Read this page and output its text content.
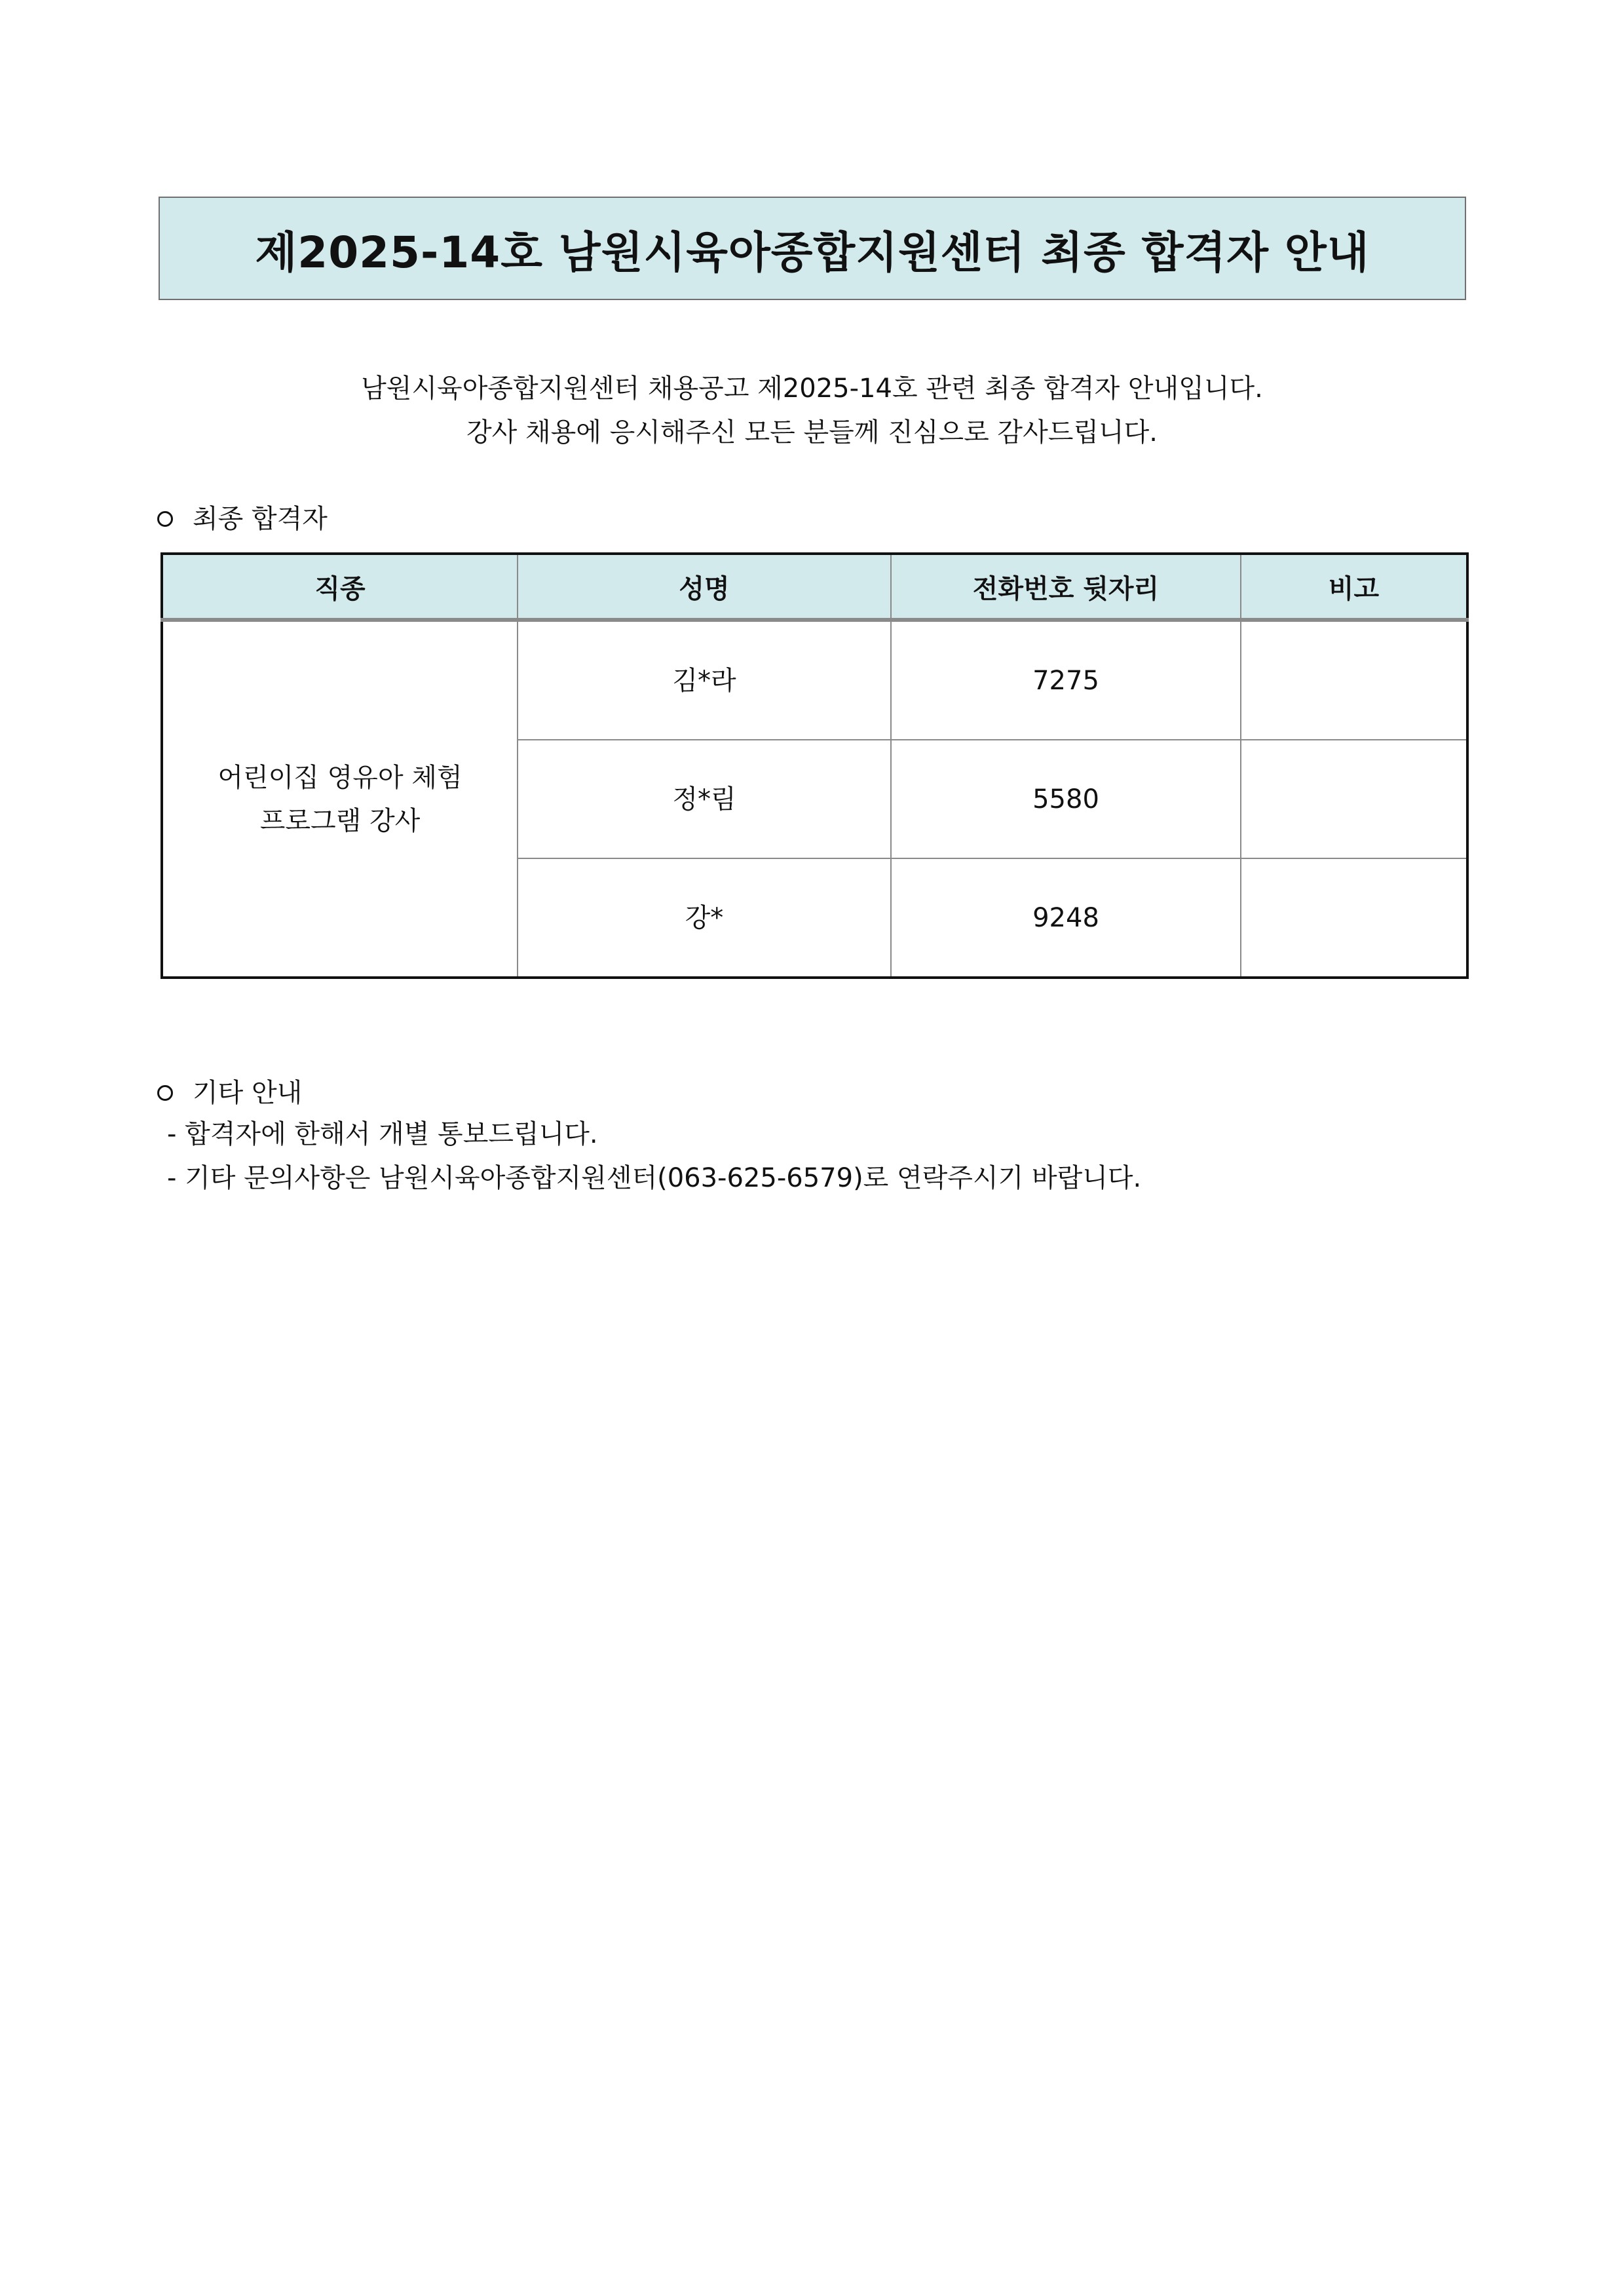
제2025-14호 남원시육아종합지원센터 최종 합격자 안내
남원시육아종합지원센터 채용공고 제2025-14호 관련 최종 합격자 안내입니다.
강사 채용에 응시해주신 모든 분들께 진심으로 감사드립니다.
최종 합격자
직종	성명	전화번호 뒷자리	비고

어린이집 영유아 체험
프로그램 강사	김*라	7275	
	정*림	5580	
	강*	9248	
기타 안내
- 합격자에 한해서 개별 통보드립니다.
- 기타 문의사항은 남원시육아종합지원센터(063-625-6579)로 연락주시기 바랍니다.
